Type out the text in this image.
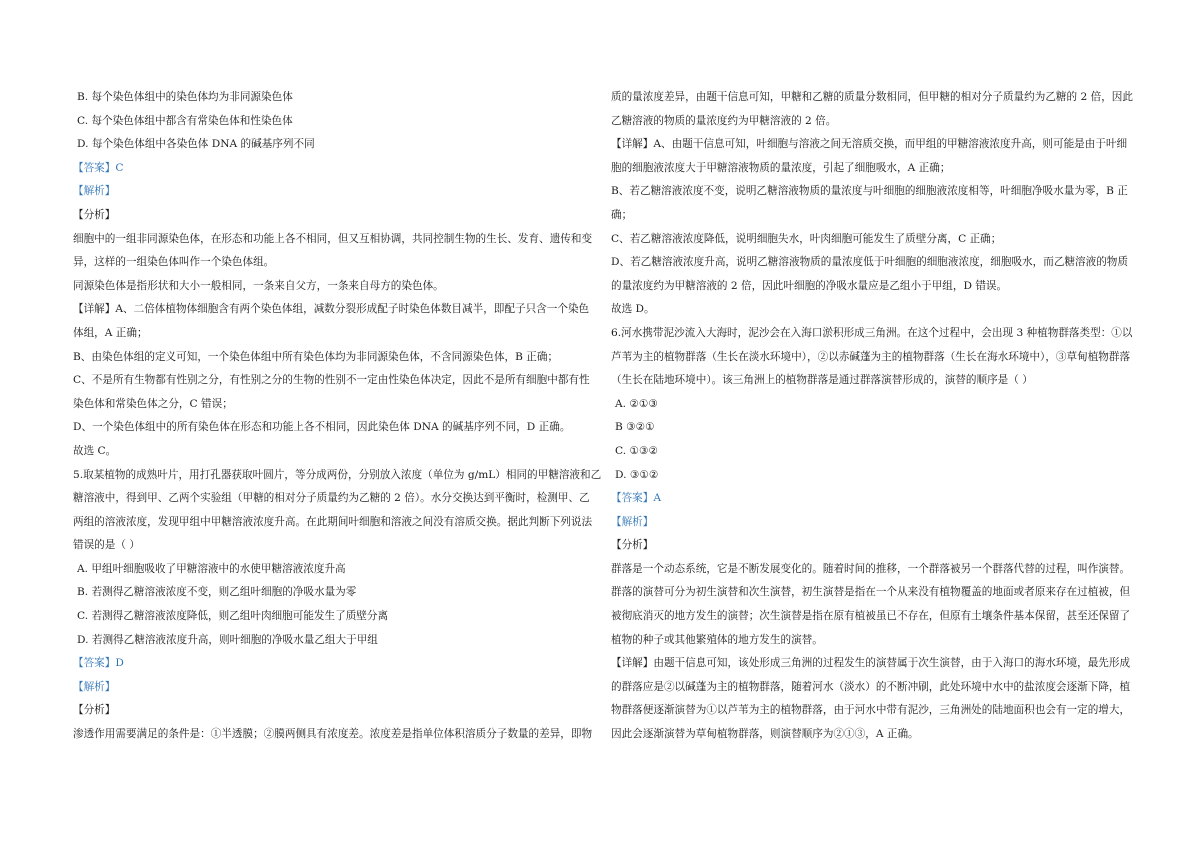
B. 每个染色体组中的染色体均为非同源染色体
C. 每个染色体组中都含有常染色体和性染色体
D. 每个染色体组中各染色体 DNA 的碱基序列不同
【答案】C
【解析】
【分析】
细胞中的一组非同源染色体，在形态和功能上各不相同，但又互相协调，共同控制生物的生长、发育、遗传和变
异，这样的一组染色体叫作一个染色体组。
同源染色体是指形状和大小一般相同，一条来自父方，一条来自母方的染色体。
【详解】A、二倍体植物体细胞含有两个染色体组，减数分裂形成配子时染色体数目减半，即配子只含一个染色
体组，A 正确；
B、由染色体组的定义可知，一个染色体组中所有染色体均为非同源染色体，不含同源染色体，B 正确；
C、不是所有生物都有性别之分，有性别之分的生物的性别不一定由性染色体决定，因此不是所有细胞中都有性
染色体和常染色体之分，C 错误；
D、一个染色体组中的所有染色体在形态和功能上各不相同，因此染色体 DNA 的碱基序列不同，D 正确。
故选 C。
5.取某植物的成熟叶片，用打孔器获取叶圆片，等分成两份，分别放入浓度（单位为 g/mL）相同的甲糖溶液和乙
糖溶液中，得到甲、乙两个实验组（甲糖的相对分子质量约为乙糖的 2 倍）。水分交换达到平衡时，检测甲、乙
两组的溶液浓度，发现甲组中甲糖溶液浓度升高。在此期间叶细胞和溶液之间没有溶质交换。据此判断下列说法
错误的是（ ）
A. 甲组叶细胞吸收了甲糖溶液中的水使甲糖溶液浓度升高
B. 若测得乙糖溶液浓度不变，则乙组叶细胞的净吸水量为零
C. 若测得乙糖溶液浓度降低，则乙组叶肉细胞可能发生了质壁分离
D. 若测得乙糖溶液浓度升高，则叶细胞的净吸水量乙组大于甲组
【答案】D
【解析】
【分析】
渗透作用需要满足的条件是：①半透膜；②膜两侧具有浓度差。浓度差是指单位体积溶质分子数量的差异，即物
质的量浓度差异，由题干信息可知，甲糖和乙糖的质量分数相同，但甲糖的相对分子质量约为乙糖的 2 倍，因此
乙糖溶液的物质的量浓度约为甲糖溶液的 2 倍。
【详解】A、由题干信息可知，叶细胞与溶液之间无溶质交换，而甲组的甲糖溶液浓度升高，则可能是由于叶细
胞的细胞液浓度大于甲糖溶液物质的量浓度，引起了细胞吸水，A 正确；
B、若乙糖溶液浓度不变，说明乙糖溶液物质的量浓度与叶细胞的细胞液浓度相等，叶细胞净吸水量为零，B 正
确；
C、若乙糖溶液浓度降低，说明细胞失水，叶肉细胞可能发生了质壁分离，C 正确；
D、若乙糖溶液浓度升高，说明乙糖溶液物质的量浓度低于叶细胞的细胞液浓度，细胞吸水，而乙糖溶液的物质
的量浓度约为甲糖溶液的 2 倍，因此叶细胞的净吸水量应是乙组小于甲组，D 错误。
故选 D。
6.河水携带泥沙流入大海时，泥沙会在入海口淤积形成三角洲。在这个过程中，会出现 3 种植物群落类型：①以
芦苇为主的植物群落（生长在淡水环境中），②以赤碱蓬为主的植物群落（生长在海水环境中），③草甸植物群落
（生长在陆地环境中）。该三角洲上的植物群落是通过群落演替形成的，演替的顺序是（ ）
A. ②①③
B ③②①
C. ①③②
D. ③①②
【答案】A
【解析】
【分析】
群落是一个动态系统，它是不断发展变化的。随着时间的推移，一个群落被另一个群落代替的过程，叫作演替。
群落的演替可分为初生演替和次生演替，初生演替是指在一个从来没有植物覆盖的地面或者原来存在过植被，但
被彻底消灭的地方发生的演替；次生演替是指在原有植被虽已不存在，但原有土壤条件基本保留，甚至还保留了
植物的种子或其他繁殖体的地方发生的演替。
【详解】由题干信息可知，该处形成三角洲的过程发生的演替属于次生演替，由于入海口的海水环境，最先形成
的群落应是②以碱蓬为主的植物群落，随着河水（淡水）的不断冲刷，此处环境中水中的盐浓度会逐渐下降，植
物群落便逐渐演替为①以芦苇为主的植物群落，由于河水中带有泥沙，三角洲处的陆地面积也会有一定的增大，
因此会逐渐演替为草甸植物群落，则演替顺序为②①③，A 正确。
